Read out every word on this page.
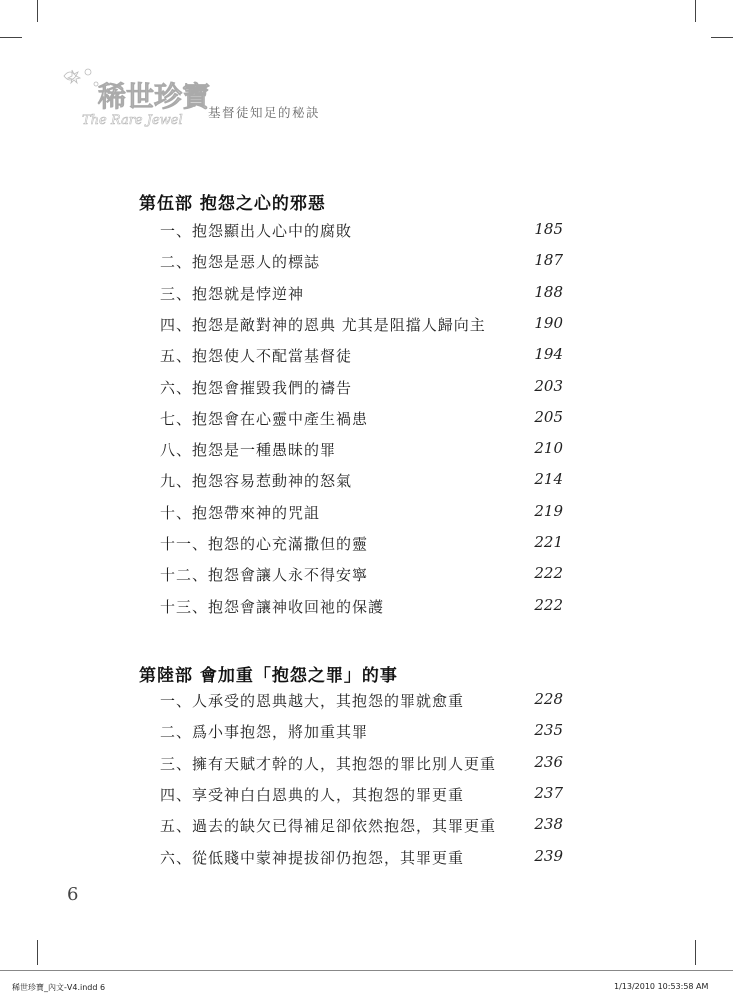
稀世珍寶
The Rare Jewel
基督徒知足的秘訣
第伍部 抱怨之心的邪惡
一、抱怨顯出人心中的腐敗	185
二、抱怨是惡人的標誌	187
三、抱怨就是悖逆神	188
四、抱怨是敵對神的恩典 尤其是阻擋人歸向主	190
五、抱怨使人不配當基督徒	194
六、抱怨會摧毀我們的禱告	203
七、抱怨會在心靈中產生禍患	205
八、抱怨是一種愚昧的罪	210
九、抱怨容易惹動神的怒氣	214
十、抱怨帶來神的咒詛	219
十一、抱怨的心充滿撒但的靈	221
十二、抱怨會讓人永不得安寧	222
十三、抱怨會讓神收回祂的保護	222
第陸部 會加重「抱怨之罪」的事
一、人承受的恩典越大，其抱怨的罪就愈重	228
二、爲小事抱怨，將加重其罪	235
三、擁有天賦才幹的人，其抱怨的罪比別人更重	236
四、享受神白白恩典的人，其抱怨的罪更重	237
五、過去的缺欠已得補足卻依然抱怨，其罪更重	238
六、從低賤中蒙神提拔卻仍抱怨，其罪更重	239
6
稀世珍寶_內文-V4.indd 6	1/13/2010 10:53:58 AM
